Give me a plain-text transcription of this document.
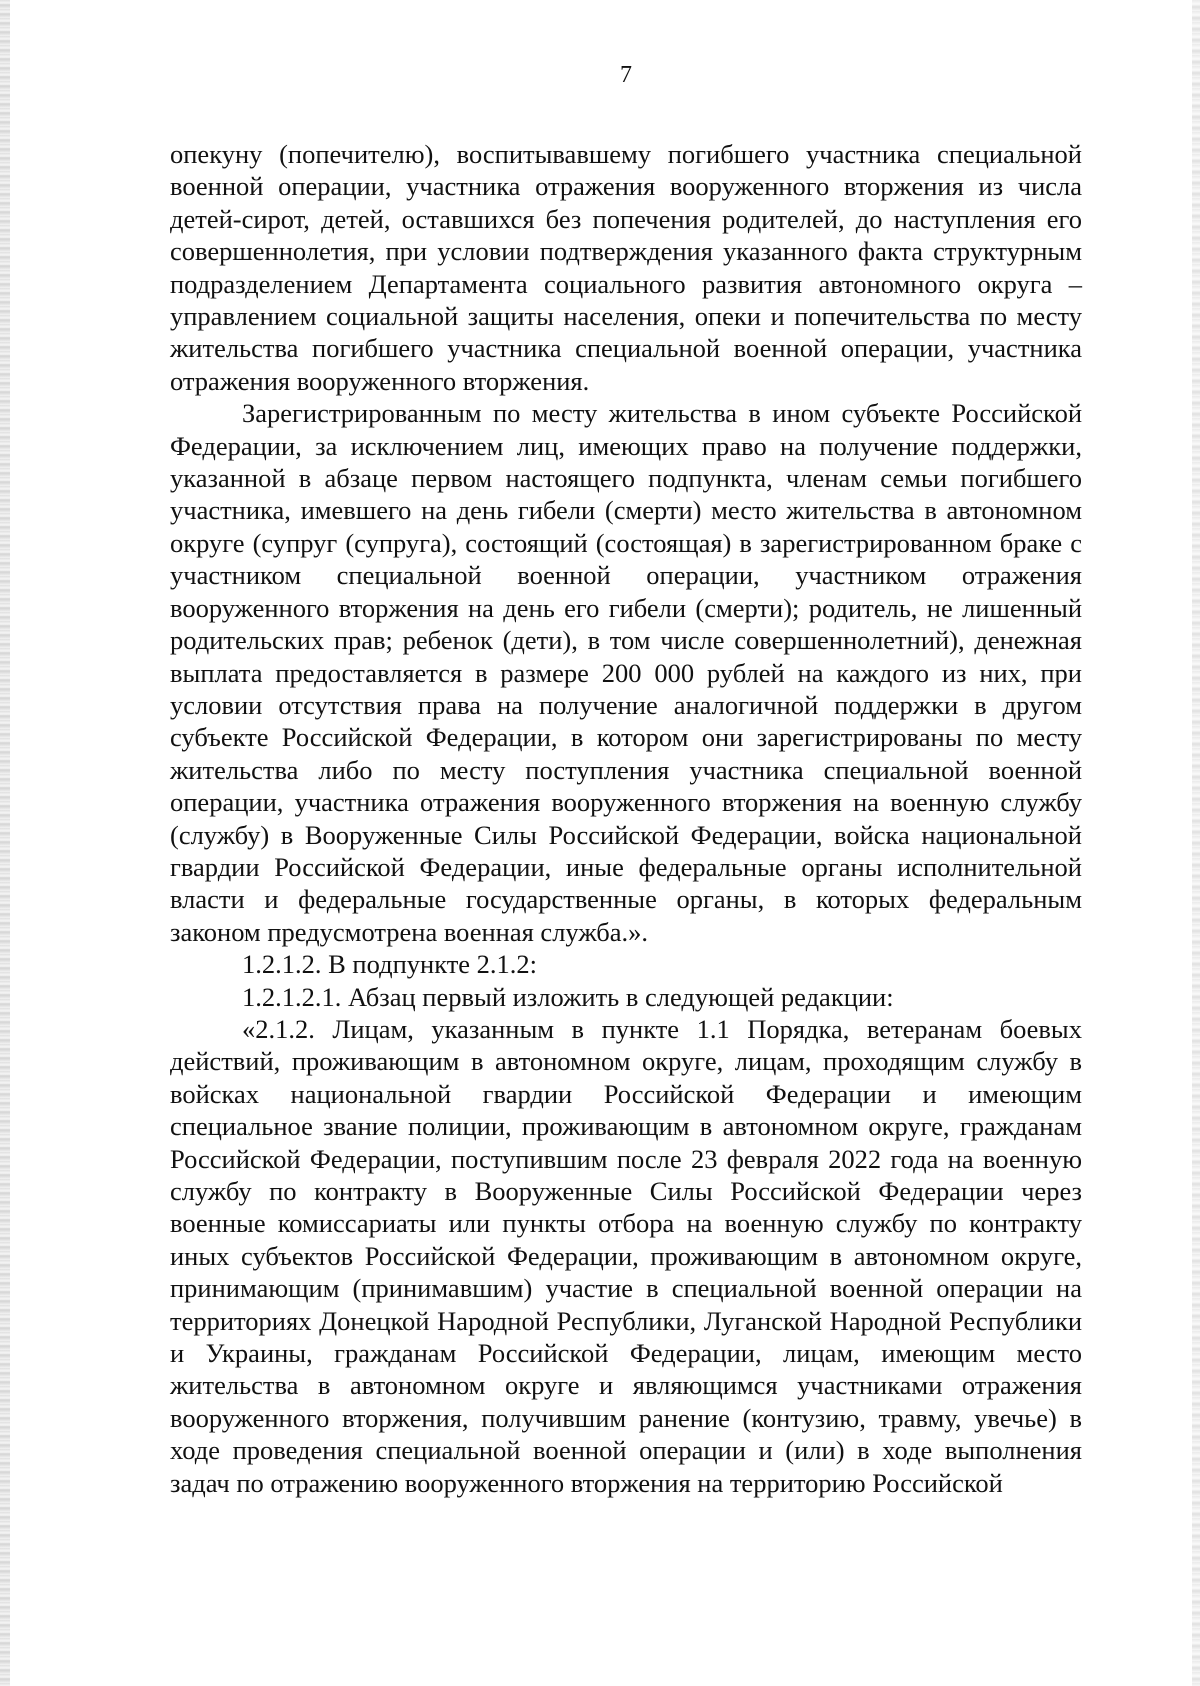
7

опекуну (попечителю), воспитывавшему погибшего участника специальной военной операции, участника отражения вооруженного вторжения из числа детей-сирот, детей, оставшихся без попечения родителей, до наступления его совершеннолетия, при условии подтверждения указанного факта структурным подразделением Департамента социального развития автономного округа – управлением социальной защиты населения, опеки и попечительства по месту жительства погибшего участника специальной военной операции, участника отражения вооруженного вторжения.

Зарегистрированным по месту жительства в ином субъекте Российской Федерации, за исключением лиц, имеющих право на получение поддержки, указанной в абзаце первом настоящего подпункта, членам семьи погибшего участника, имевшего на день гибели (смерти) место жительства в автономном округе (супруг (супруга), состоящий (состоящая) в зарегистрированном браке с участником специальной военной операции, участником отражения вооруженного вторжения на день его гибели (смерти); родитель, не лишенный родительских прав; ребенок (дети), в том числе совершеннолетний), денежная выплата предоставляется в размере 200 000 рублей на каждого из них, при условии отсутствия права на получение аналогичной поддержки в другом субъекте Российской Федерации, в котором они зарегистрированы по месту жительства либо по месту поступления участника специальной военной операции, участника отражения вооруженного вторжения на военную службу (службу) в Вооруженные Силы Российской Федерации, войска национальной гвардии Российской Федерации, иные федеральные органы исполнительной власти и федеральные государственные органы, в которых федеральным законом предусмотрена военная служба.».

1.2.1.2. В подпункте 2.1.2:

1.2.1.2.1. Абзац первый изложить в следующей редакции:

«2.1.2. Лицам, указанным в пункте 1.1 Порядка, ветеранам боевых действий, проживающим в автономном округе, лицам, проходящим службу в войсках национальной гвардии Российской Федерации и имеющим специальное звание полиции, проживающим в автономном округе, гражданам Российской Федерации, поступившим после 23 февраля 2022 года на военную службу по контракту в Вооруженные Силы Российской Федерации через военные комиссариаты или пункты отбора на военную службу по контракту иных субъектов Российской Федерации, проживающим в автономном округе, принимающим (принимавшим) участие в специальной военной операции на территориях Донецкой Народной Республики, Луганской Народной Республики и Украины, гражданам Российской Федерации, лицам, имеющим место жительства в автономном округе и являющимся участниками отражения вооруженного вторжения, получившим ранение (контузию, травму, увечье) в ходе проведения специальной военной операции и (или) в ходе выполнения задач по отражению вооруженного вторжения на территорию Российской
